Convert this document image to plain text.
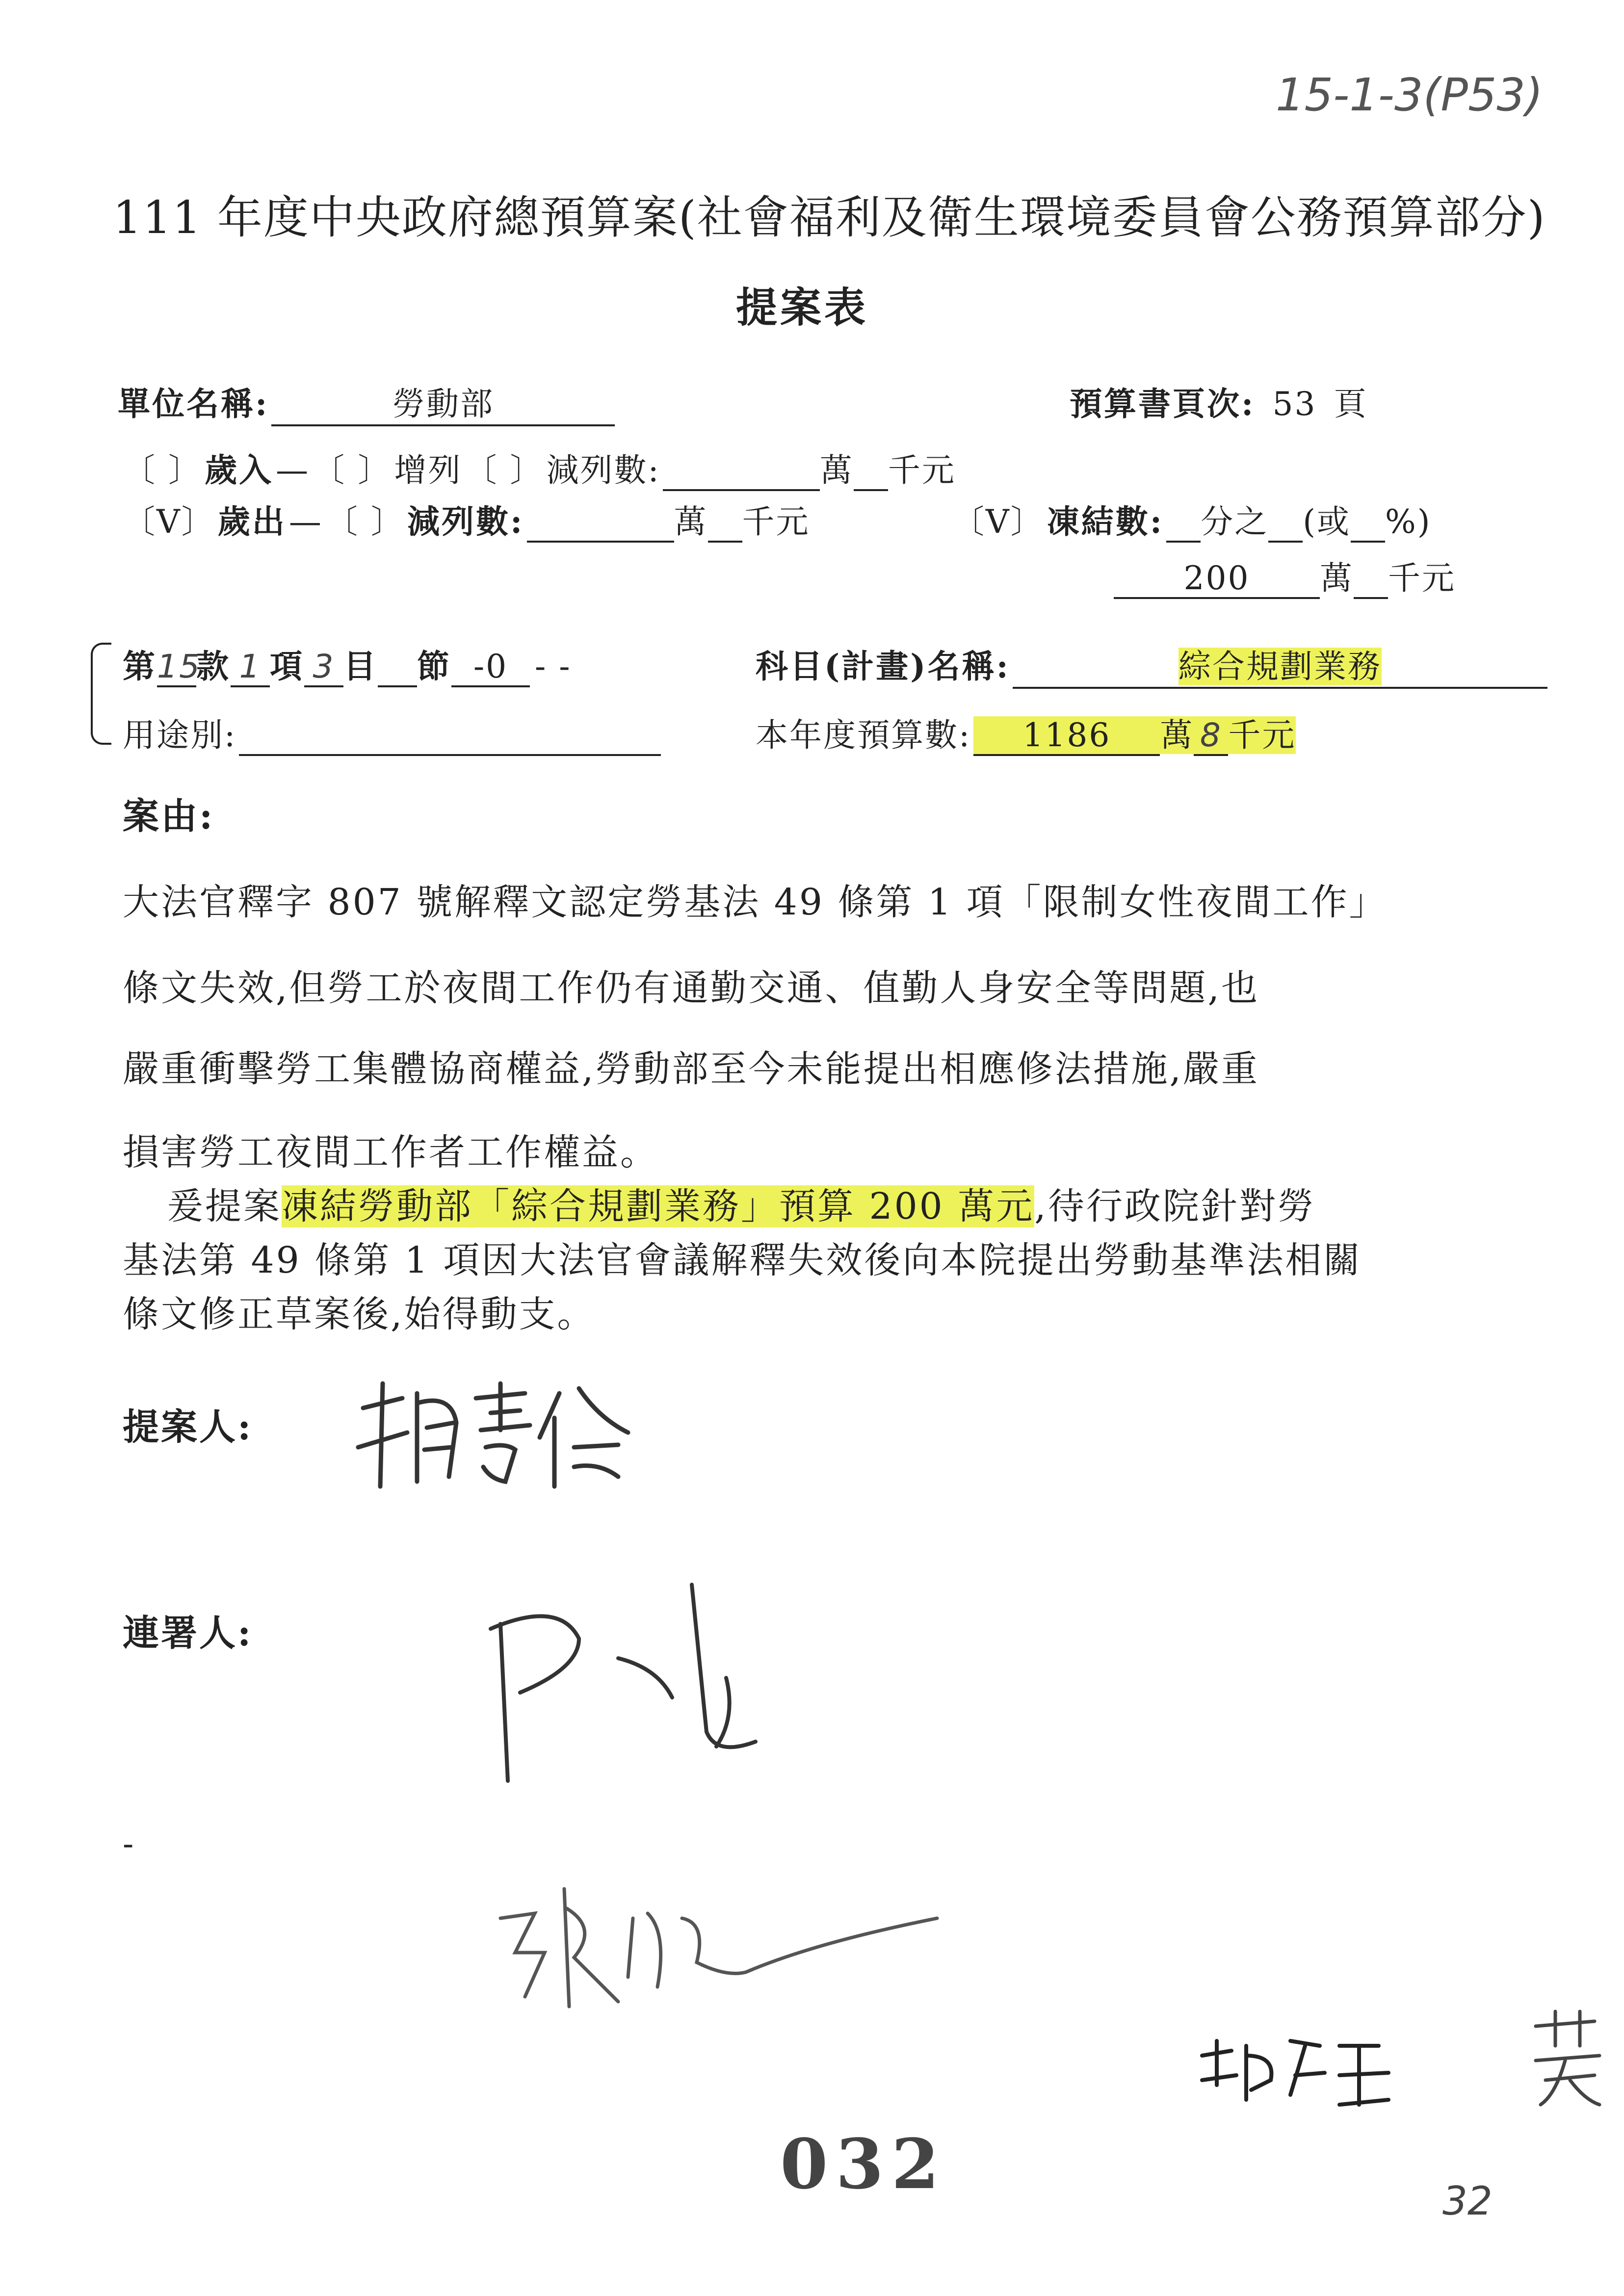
15-1-3(P53)
111 年度中央政府總預算案(社會福利及衛生環境委員會公務預算部分)
提案表
單位名稱:	勞動部	預算書頁次: 53 頁
〔 〕 歲入 — 〔 〕 增列 〔 〕 減列數:	萬 千元
〔V〕 歲出 — 〔 〕 減列數:	萬 千元	〔V〕 凍結數: 分之 (或 %)
200 萬 千元
第15款 1 項 3 目 節 -0 - -	科目(計畫)名稱:	綜合規劃業務
用途別:	本年度預算數: 1186 萬 8 千元
案由:
大法官釋字 807 號解釋文認定勞基法 49 條第 1 項「限制女性夜間工作」
條文失效,但勞工於夜間工作仍有通勤交通、值勤人身安全等問題,也
嚴重衝擊勞工集體協商權益,勞動部至今未能提出相應修法措施,嚴重
損害勞工夜間工作者工作權益。
爰提案凍結勞動部「綜合規劃業務」預算 200 萬元,待行政院針對勞
基法第 49 條第 1 項因大法官會議解釋失效後向本院提出勞動基準法相關
條文修正草案後,始得動支。
提案人:
連署人:
-
032	32
